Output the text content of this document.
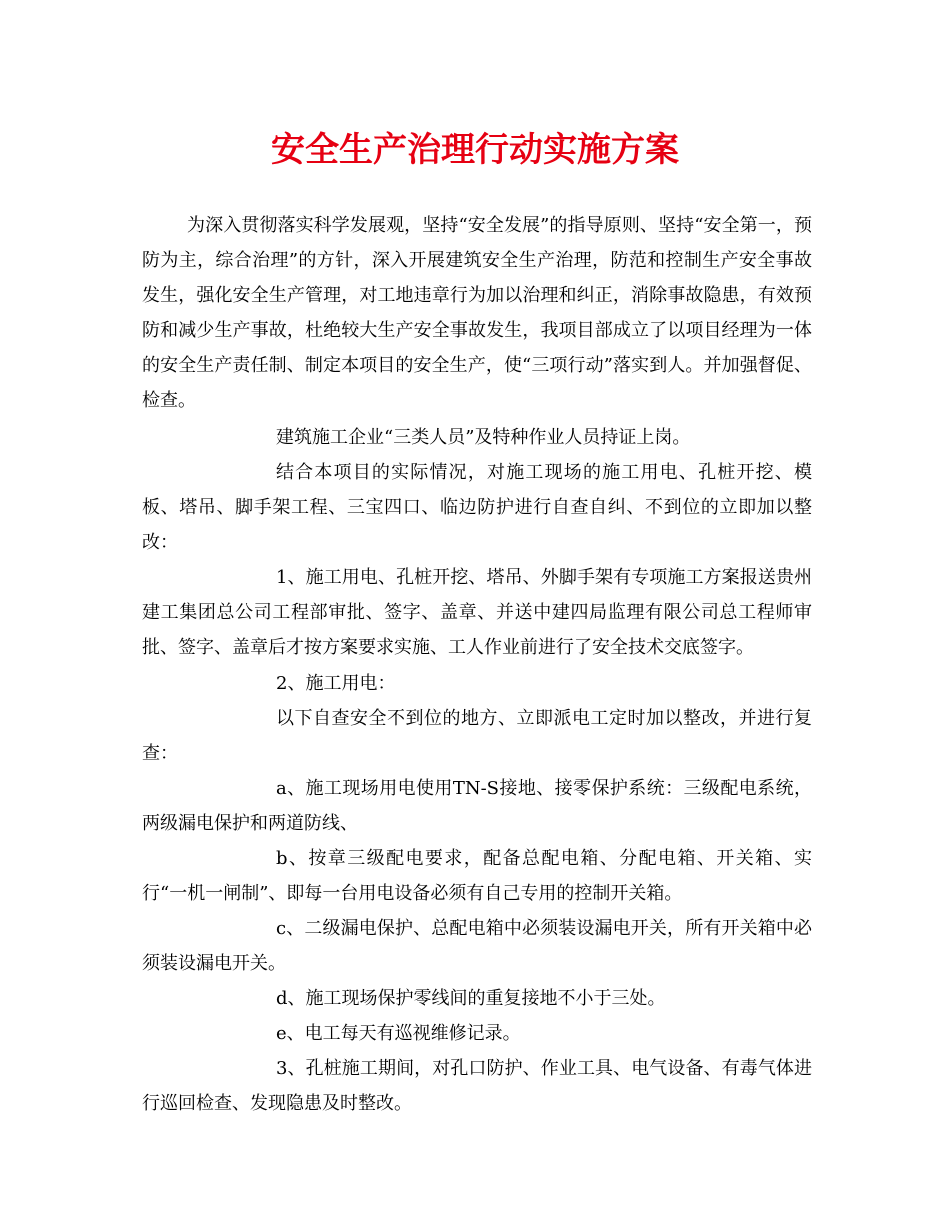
安全生产治理行动实施方案

为深入贯彻落实科学发展观，坚持“安全发展”的指导原则、坚持“安全第一，预防为主，综合治理”的方针，深入开展建筑安全生产治理，防范和控制生产安全事故发生，强化安全生产管理，对工地违章行为加以治理和纠正，消除事故隐患，有效预防和减少生产事故，杜绝较大生产安全事故发生，我项目部成立了以项目经理为一体的安全生产责任制、制定本项目的安全生产，使“三项行动”落实到人。并加强督促、检查。

建筑施工企业“三类人员”及特种作业人员持证上岗。

结合本项目的实际情况，对施工现场的施工用电、孔桩开挖、模板、塔吊、脚手架工程、三宝四口、临边防护进行自查自纠、不到位的立即加以整改：

1、施工用电、孔桩开挖、塔吊、外脚手架有专项施工方案报送贵州建工集团总公司工程部审批、签字、盖章、并送中建四局监理有限公司总工程师审批、签字、盖章后才按方案要求实施、工人作业前进行了安全技术交底签字。

2、施工用电：

以下自查安全不到位的地方、立即派电工定时加以整改，并进行复查：

a、施工现场用电使用TN-S接地、接零保护系统：三级配电系统，两级漏电保护和两道防线、

b、按章三级配电要求，配备总配电箱、分配电箱、开关箱、实行“一机一闸制”、即每一台用电设备必须有自己专用的控制开关箱。

c、二级漏电保护、总配电箱中必须装设漏电开关，所有开关箱中必须装设漏电开关。

d、施工现场保护零线间的重复接地不小于三处。

e、电工每天有巡视维修记录。

3、孔桩施工期间，对孔口防护、作业工具、电气设备、有毒气体进行巡回检查、发现隐患及时整改。
